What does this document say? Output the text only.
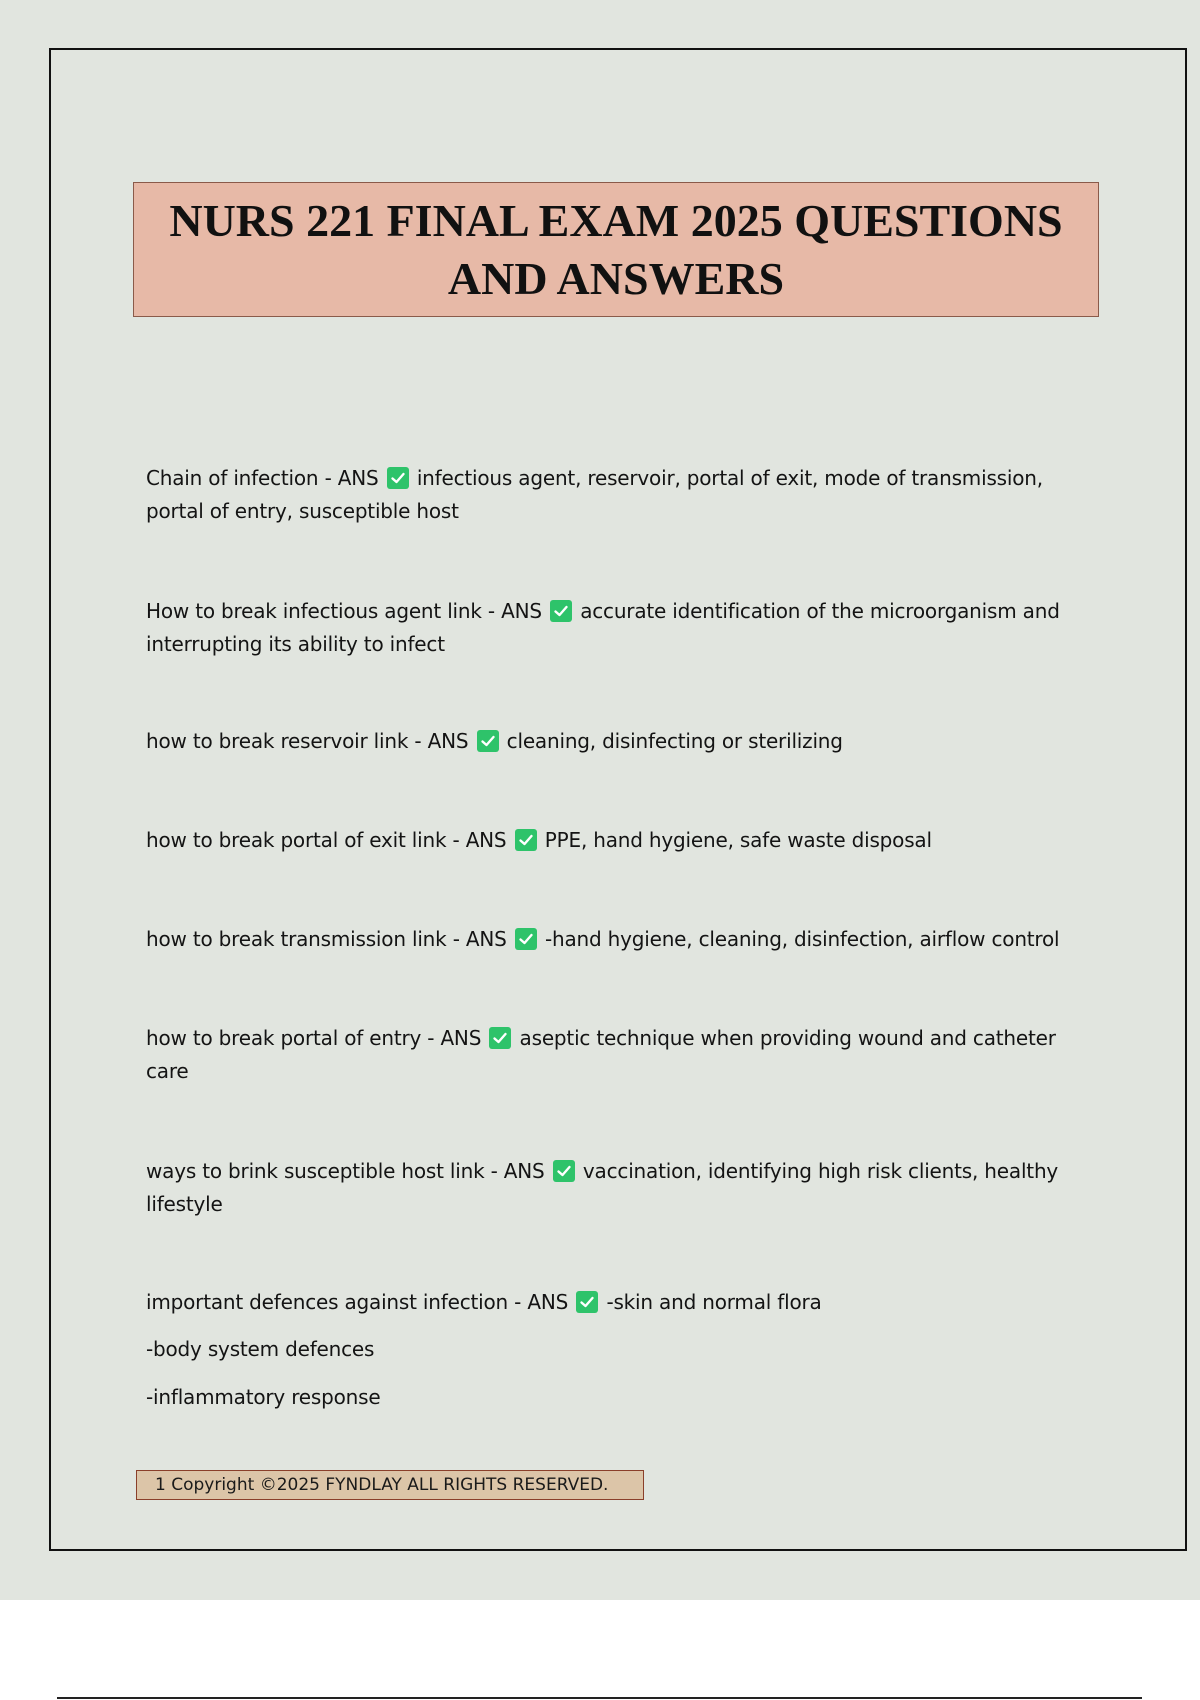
NURS 221 FINAL EXAM 2025 QUESTIONS AND ANSWERS
Chain of infection - ANS infectious agent, reservoir, portal of exit, mode of transmission, portal of entry, susceptible host
How to break infectious agent link - ANS accurate identification of the microorganism and interrupting its ability to infect
how to break reservoir link - ANS cleaning, disinfecting or sterilizing
how to break portal of exit link - ANS PPE, hand hygiene, safe waste disposal
how to break transmission link - ANS -hand hygiene, cleaning, disinfection, airflow control
how to break portal of entry - ANS aseptic technique when providing wound and catheter care
ways to brink susceptible host link - ANS vaccination, identifying high risk clients, healthy lifestyle
important defences against infection - ANS -skin and normal flora
-body system defences
-inflammatory response
1 Copyright ©2025 FYNDLAY ALL RIGHTS RESERVED.
